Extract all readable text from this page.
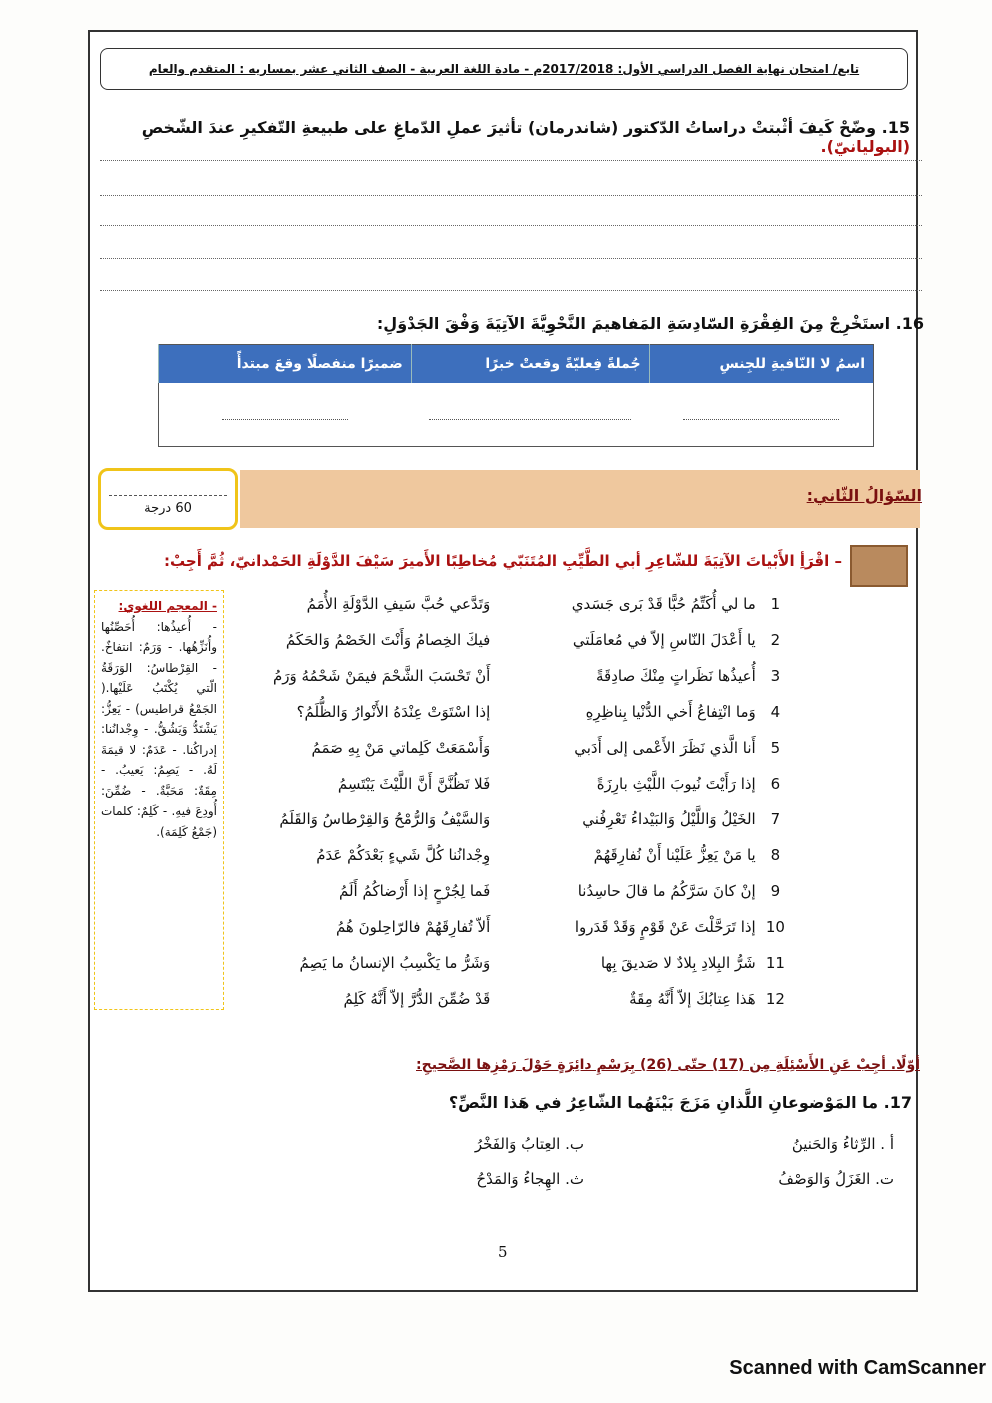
تابع/ امتحان نهاية الفصل الدراسي الأول: 2017/2018م - مادة اللغة العربية - الصف الثاني عشر بمساريه : المتقدم والعام
15. وضّحْ كَيفَ أثْبتتْ دراساتُ الدّكتور (شاندرمان) تأثيرَ عملِ الدّماغِ على طبيعةِ التّفكيرِ عندَ الشّخصِ (البوليانيّ).
16. استَخْرِجْ مِنَ الفِقْرَةِ السّادِسَةِ المَفاهيمَ النَّحْوِيَّةَ الآتِيَةَ وَفْقَ الجَدْوَلِ:
اسمُ لا النّافيةِ للجِنسِ	جُملةً فِعليّةً وقعتْ خبرًا	ضميرًا منفصلًا وقعَ مبتدأً

السّؤالُ الثّاني:
60 درجة
– اقْرَأِ الأَبْياتَ الآتِيَةَ للشّاعِرِ أبي الطَّيِّبِ المُتَنَبّي مُخاطِبًا الأَميرَ سَيْفَ الدَّوْلَةِ الحَمْدانيّ، ثُمَّ أَجِبْ:
1
ما لي أُكَتِّمُ حُبًّا قَدْ بَرى جَسَدي
وَتَدَّعي حُبَّ سَيفِ الدَّوْلَةِ الأُمَمُ
2
يا أَعْدَلَ النّاسِ إلاّ في مُعامَلَتي
فيكَ الخِصامُ وَأَنْتَ الخَصْمُ وَالحَكَمُ
3
أُعيذُها نَظَراتٍ مِنْكَ صادِقَةً
أَنْ تَحْسَبَ الشَّحْمَ فيمَنْ شَحْمُهُ وَرَمُ
4
وَما انْتِفاعُ أَخي الدُّنْيا بِناظِرِهِ
إذا اسْتَوَتْ عِنْدَهُ الأَنْوارُ وَالظُّلَمُ؟
5
أَنا الَّذي نَظَرَ الأَعْمى إلى أَدَبي
وَأَسْمَعَتْ كَلِماتي مَنْ بِهِ صَمَمُ
6
إذا رَأَيْتَ نُيوبَ اللَّيْثِ بارِزَةً
فَلا تَظُنَّنَّ أَنَّ اللَّيْثَ يَبْتَسِمُ
7
الخَيْلُ وَاللَّيْلُ وَالبَيْداءُ تَعْرِفُني
وَالسَّيْفُ وَالرُّمْحُ وَالقِرْطاسُ وَالقَلَمُ
8
يا مَنْ يَعِزُّ عَلَيْنا أَنْ نُفارِقَهُمْ
وِجْدانُنا كُلَّ شَيءٍ بَعْدَكُمْ عَدَمُ
9
إنْ كانَ سَرَّكُمُ ما قالَ حاسِدُنا
فَما لِجُرْحٍ إذا أَرْضاكُمُ أَلَمُ
10
إذا تَرَحَّلْتَ عَنْ قَوْمٍ وَقَدْ قَدَروا
أَلاّ تُفارِقَهُمْ فالرّاحِلونَ هُمُ
11
شَرُّ البِلادِ بِلادٌ لا صَديقَ بِها
وَشَرُّ ما يَكْسِبُ الإنسانُ ما يَصِمُ
12
هَذا عِتابُكَ إلاّ أَنَّهُ مِقَةٌ
قَدْ ضُمِّنَ الدُّرَّ إلاّ أَنَّهُ كَلِمُ
- المعجم اللغوي:
- أُعيذُها: أُحَصِّنُها وأُنَزِّهُها. - وَرَمٌ: انتفاخٌ. - القِرْطاسُ: الوَرَقَةُ الّتي يُكْتَبُ عَلَيْها.( الجَمْعُ قراطيس) - يَعِزُّ: يَشْتَدُّ وَيَشُقُّ. - وِجْدانُنا: إدراكُنا. - عَدَمٌ: لا قيمَةَ لَهُ. - يَصِمُ: يَعيبُ. - مِقَةٌ: مَحَبَّةٌ. - ضُمِّنَ: أُودِعَ فيهِ. - كَلِمٌ: كلمات (جَمْعُ كَلِمَة).
أوّلًا. أجِبْ عَنِ الأَسْئِلَةِ مِن (17) حتّى (26) بِرَسْمِ دائِرَةٍ حَوْلَ رَمْزِها الصَّحيحِ:
17. ما المَوْضوعانِ اللَّذانِ مَزَجَ بَيْنَهُما الشّاعِرُ في هَذا النَّصِّ؟
أ . الرِّثاءُ وَالحَنينُ
ب. العِتابُ وَالفَخْرُ
ت. الغَزَلُ وَالوَصْفُ
ث. الهِجاءُ وَالمَدْحُ
5
Scanned with CamScanner
